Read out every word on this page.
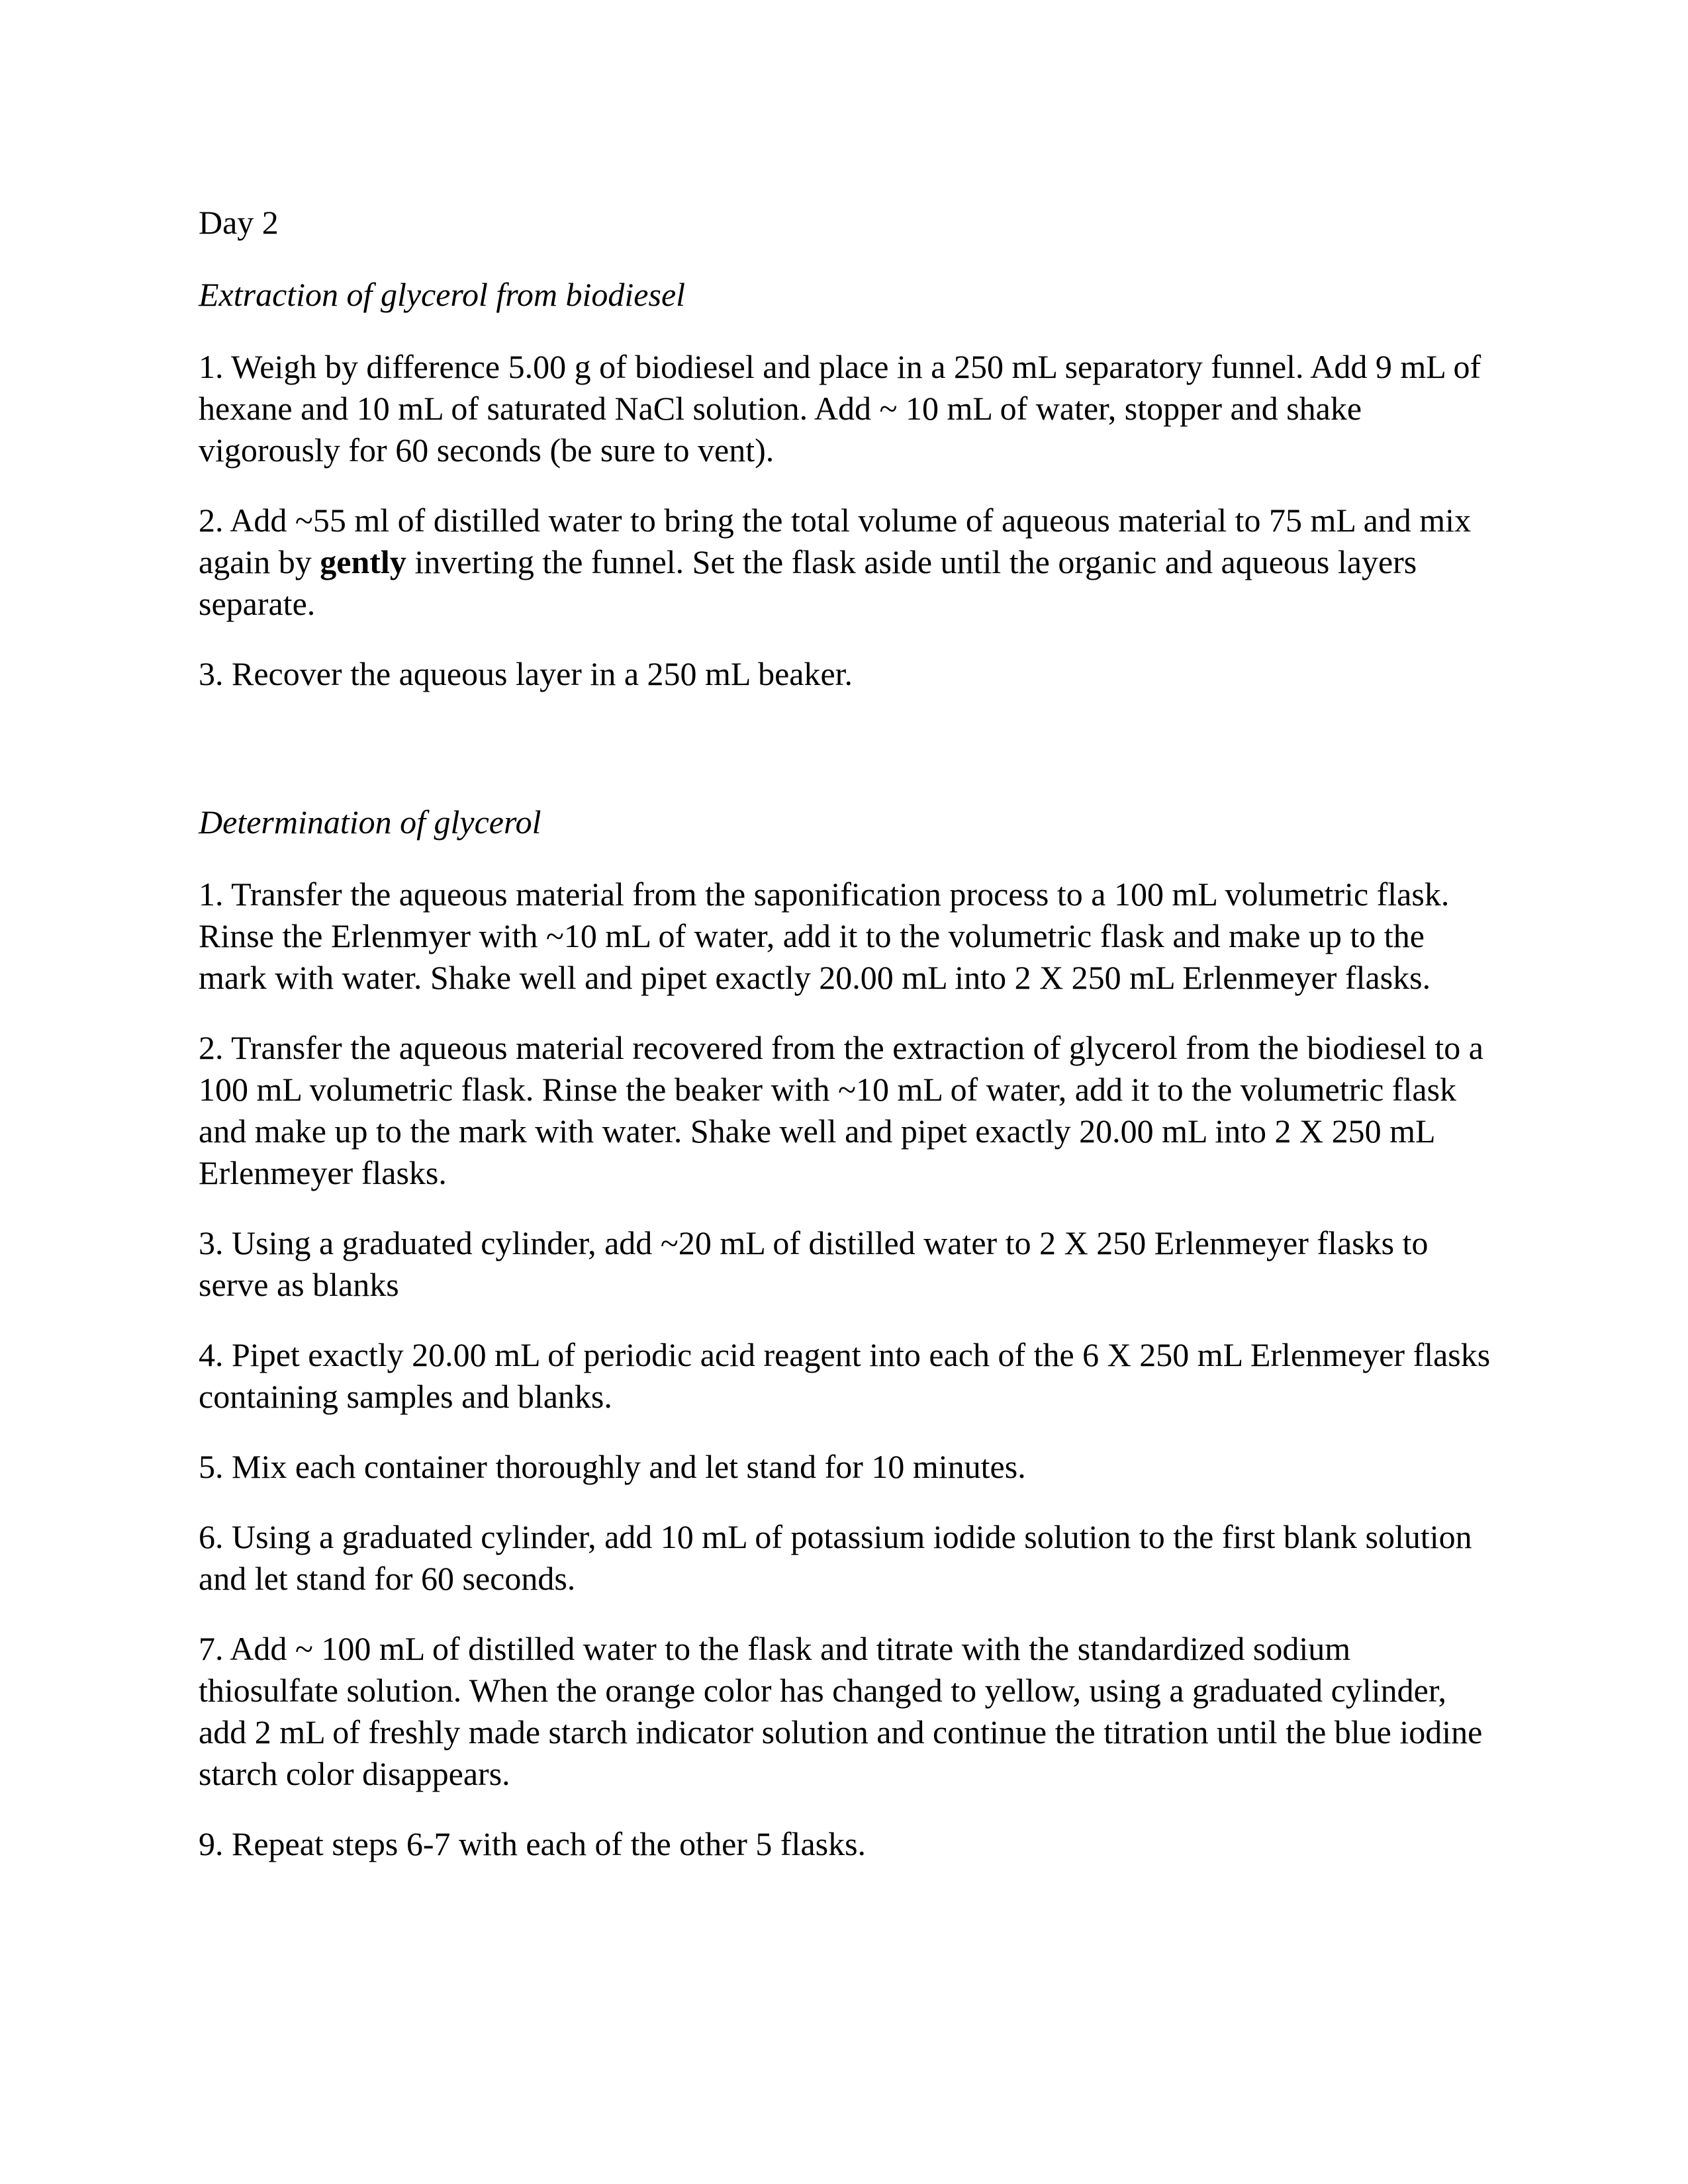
Day 2

Extraction of glycerol from biodiesel

1. Weigh by difference 5.00 g of biodiesel and place in a 250 mL separatory funnel. Add 9 mL of hexane and 10 mL of saturated NaCl solution. Add ~ 10 mL of water, stopper and shake vigorously for 60 seconds (be sure to vent).

2. Add ~55 ml of distilled water to bring the total volume of aqueous material to 75 mL and mix again by gently inverting the funnel. Set the flask aside until the organic and aqueous layers separate.

3. Recover the aqueous layer in a 250 mL beaker.

Determination of glycerol

1. Transfer the aqueous material from the saponification process to a 100 mL volumetric flask. Rinse the Erlenmyer with ~10 mL of water, add it to the volumetric flask and make up to the mark with water. Shake well and pipet exactly 20.00 mL into 2 X 250 mL Erlenmeyer flasks.

2. Transfer the aqueous material recovered from the extraction of glycerol from the biodiesel to a 100 mL volumetric flask. Rinse the beaker with ~10 mL of water, add it to the volumetric flask and make up to the mark with water. Shake well and pipet exactly 20.00 mL into 2 X 250 mL Erlenmeyer flasks.

3. Using a graduated cylinder, add ~20 mL of distilled water to 2 X 250 Erlenmeyer flasks to serve as blanks

4. Pipet exactly 20.00 mL of periodic acid reagent into each of the 6 X 250 mL Erlenmeyer flasks containing samples and blanks.

5. Mix each container thoroughly and let stand for 10 minutes.

6. Using a graduated cylinder, add 10 mL of potassium iodide solution to the first blank solution and let stand for 60 seconds.

7. Add ~ 100 mL of distilled water to the flask and titrate with the standardized sodium thiosulfate solution. When the orange color has changed to yellow, using a graduated cylinder, add 2 mL of freshly made starch indicator solution and continue the titration until the blue iodine starch color disappears.

9. Repeat steps 6-7 with each of the other 5 flasks.
